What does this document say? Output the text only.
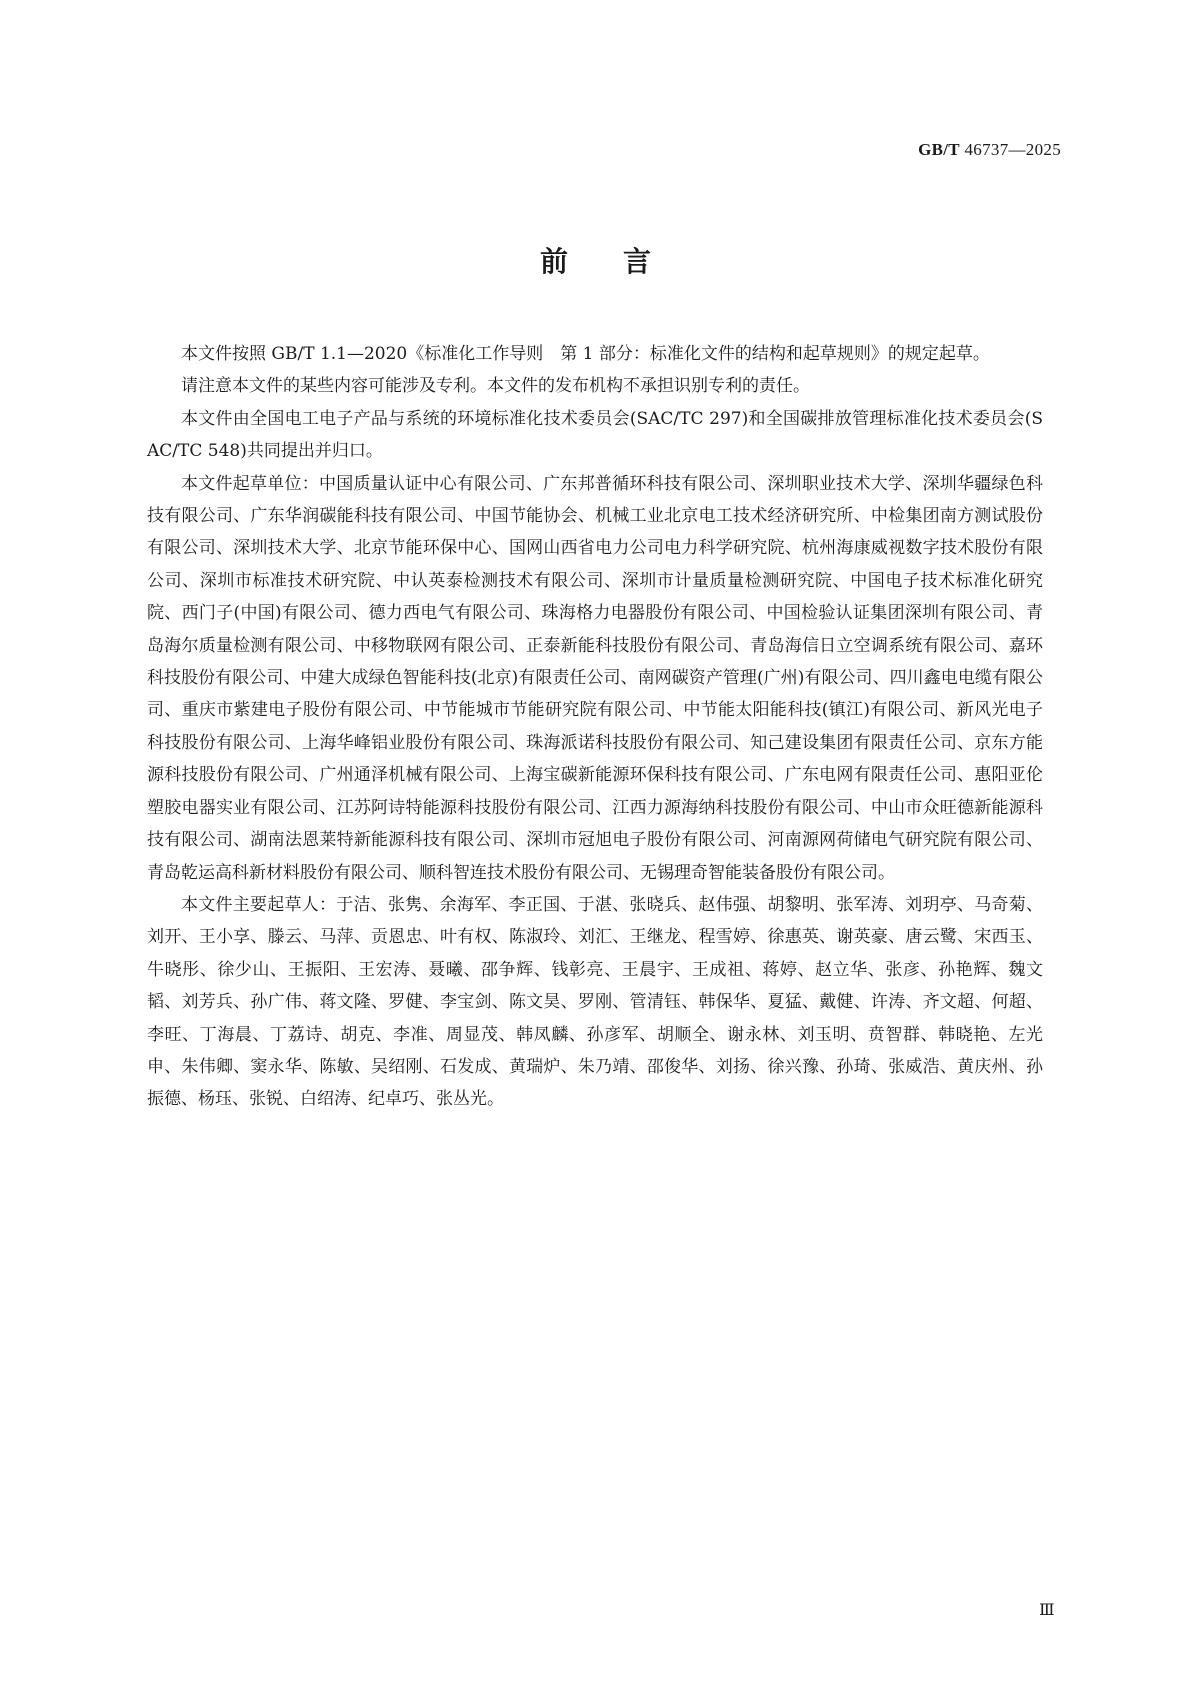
GB/T 46737—2025
前言

本文件按照 GB/T 1.1—2020《标准化工作导则　第 1 部分：标准化文件的结构和起草规则》的规定起草。

请注意本文件的某些内容可能涉及专利。本文件的发布机构不承担识别专利的责任。

本文件由全国电工电子产品与系统的环境标准化技术委员会(SAC/TC 297)和全国碳排放管理标准化技术委员会(SAC/TC 548)共同提出并归口。

本文件起草单位：中国质量认证中心有限公司、广东邦普循环科技有限公司、深圳职业技术大学、深圳华疆绿色科技有限公司、广东华润碳能科技有限公司、中国节能协会、机械工业北京电工技术经济研究所、中检集团南方测试股份有限公司、深圳技术大学、北京节能环保中心、国网山西省电力公司电力科学研究院、杭州海康威视数字技术股份有限公司、深圳市标准技术研究院、中认英泰检测技术有限公司、深圳市计量质量检测研究院、中国电子技术标准化研究院、西门子(中国)有限公司、德力西电气有限公司、珠海格力电器股份有限公司、中国检验认证集团深圳有限公司、青岛海尔质量检测有限公司、中移物联网有限公司、正泰新能科技股份有限公司、青岛海信日立空调系统有限公司、嘉环科技股份有限公司、中建大成绿色智能科技(北京)有限责任公司、南网碳资产管理(广州)有限公司、四川鑫电电缆有限公司、重庆市紫建电子股份有限公司、中节能城市节能研究院有限公司、中节能太阳能科技(镇江)有限公司、新风光电子科技股份有限公司、上海华峰铝业股份有限公司、珠海派诺科技股份有限公司、知己建设集团有限责任公司、京东方能源科技股份有限公司、广州通泽机械有限公司、上海宝碳新能源环保科技有限公司、广东电网有限责任公司、惠阳亚伦塑胶电器实业有限公司、江苏阿诗特能源科技股份有限公司、江西力源海纳科技股份有限公司、中山市众旺德新能源科技有限公司、湖南法恩莱特新能源科技有限公司、深圳市冠旭电子股份有限公司、河南源网荷储电气研究院有限公司、青岛乾运高科新材料股份有限公司、顺科智连技术股份有限公司、无锡理奇智能装备股份有限公司。

本文件主要起草人：于洁、张隽、余海军、李正国、于湛、张晓兵、赵伟强、胡黎明、张军涛、刘玥亭、马奇菊、刘开、王小享、滕云、马萍、贡恩忠、叶有权、陈淑玲、刘汇、王继龙、程雪婷、徐惠英、谢英豪、唐云鹭、宋西玉、牛晓彤、徐少山、王振阳、王宏涛、聂曦、邵争辉、钱彰亮、王晨宇、王成祖、蒋婷、赵立华、张彦、孙艳辉、魏文韬、刘芳兵、孙广伟、蒋文隆、罗健、李宝剑、陈文昊、罗刚、管清钰、韩保华、夏猛、戴健、许涛、齐文超、何超、李旺、丁海晨、丁荔诗、胡克、李准、周显茂、韩凤麟、孙彦军、胡顺全、谢永林、刘玉明、贲智群、韩晓艳、左光申、朱伟卿、窦永华、陈敏、吴绍刚、石发成、黄瑞炉、朱乃靖、邵俊华、刘扬、徐兴豫、孙琦、张威浩、黄庆州、孙振德、杨珏、张锐、白绍涛、纪卓巧、张丛光。

Ⅲ
